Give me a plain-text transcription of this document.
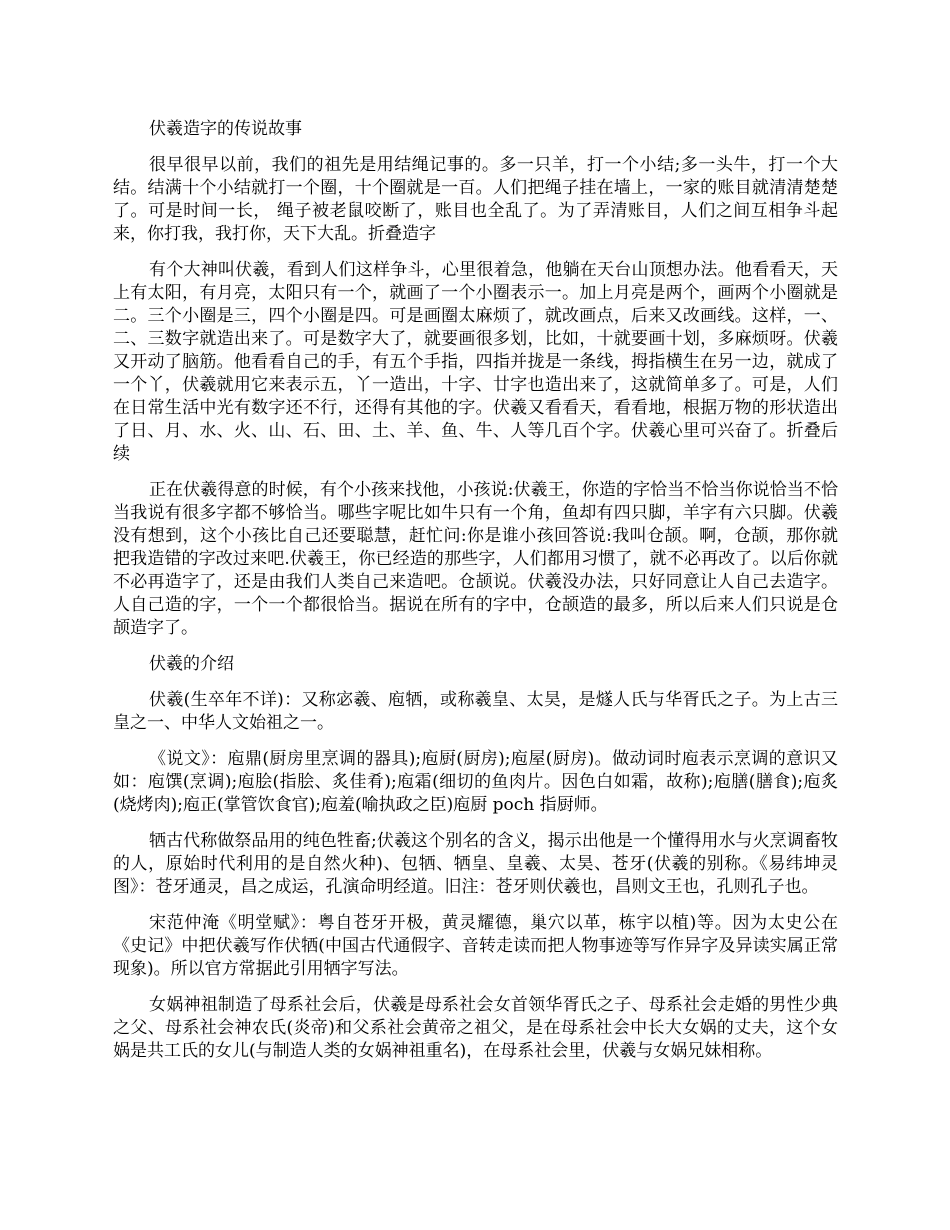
伏羲造字的传说故事

很早很早以前，我们的祖先是用结绳记事的。多一只羊，打一个小结;多一头牛，打一个大结。结满十个小结就打一个圈，十个圈就是一百。人们把绳子挂在墙上，一家的账目就清清楚楚了。可是时间一长， 绳子被老鼠咬断了，账目也全乱了。为了弄清账目，人们之间互相争斗起来，你打我，我打你，天下大乱。折叠造字

有个大神叫伏羲，看到人们这样争斗，心里很着急，他躺在天台山顶想办法。他看看天，天上有太阳，有月亮，太阳只有一个，就画了一个小圈表示一。加上月亮是两个，画两个小圈就是二。三个小圈是三，四个小圈是四。可是画圈太麻烦了，就改画点，后来又改画线。这样，一、二、三数字就造出来了。可是数字大了，就要画很多划，比如，十就要画十划，多麻烦呀。伏羲又开动了脑筋。他看看自己的手，有五个手指，四指并拢是一条线，拇指横生在另一边，就成了一个丫，伏羲就用它来表示五，丫一造出，十字、廿字也造出来了，这就简单多了。可是，人们在日常生活中光有数字还不行，还得有其他的字。伏羲又看看天，看看地，根据万物的形状造出了日、月、水、火、山、石、田、土、羊、鱼、牛、人等几百个字。伏羲心里可兴奋了。折叠后续

正在伏羲得意的时候，有个小孩来找他，小孩说:伏羲王，你造的字恰当不恰当你说恰当不恰当我说有很多字都不够恰当。哪些字呢比如牛只有一个角，鱼却有四只脚，羊字有六只脚。伏羲没有想到，这个小孩比自己还要聪慧，赶忙问:你是谁小孩回答说:我叫仓颉。啊，仓颉，那你就把我造错的字改过来吧.伏羲王，你已经造的那些字，人们都用习惯了，就不必再改了。以后你就不必再造字了，还是由我们人类自己来造吧。仓颉说。伏羲没办法，只好同意让人自己去造字。人自己造的字，一个一个都很恰当。据说在所有的字中，仓颉造的最多，所以后来人们只说是仓颉造字了。

伏羲的介绍

伏羲(生卒年不详)：又称宓羲、庖牺，或称羲皇、太昊，是燧人氏与华胥氏之子。为上古三皇之一、中华人文始祖之一。

《说文》：庖鼎(厨房里烹调的器具);庖厨(厨房);庖屋(厨房)。做动词时庖表示烹调的意识又如：庖馔(烹调);庖脍(指脍、炙佳肴);庖霜(细切的鱼肉片。因色白如霜，故称);庖膳(膳食);庖炙(烧烤肉);庖正(掌管饮食官);庖羞(喻执政之臣)庖厨 poch 指厨师。

牺古代称做祭品用的纯色牲畜;伏羲这个别名的含义，揭示出他是一个懂得用水与火烹调畜牧的人，原始时代利用的是自然火种)、包牺、牺皇、皇羲、太昊、苍牙(伏羲的别称。《易纬坤灵图》：苍牙通灵，昌之成运，孔演命明经道。旧注：苍牙则伏羲也，昌则文王也，孔则孔子也。

宋范仲淹《明堂赋》：粤自苍牙开极，黄灵耀德，巢穴以革，栋宇以植)等。因为太史公在《史记》中把伏羲写作伏牺(中国古代通假字、音转走读而把人物事迹等写作异字及异读实属正常现象)。所以官方常据此引用牺字写法。

女娲神祖制造了母系社会后，伏羲是母系社会女首领华胥氏之子、母系社会走婚的男性少典之父、母系社会神农氏(炎帝)和父系社会黄帝之祖父，是在母系社会中长大女娲的丈夫，这个女娲是共工氏的女儿(与制造人类的女娲神祖重名)，在母系社会里，伏羲与女娲兄妹相称。
